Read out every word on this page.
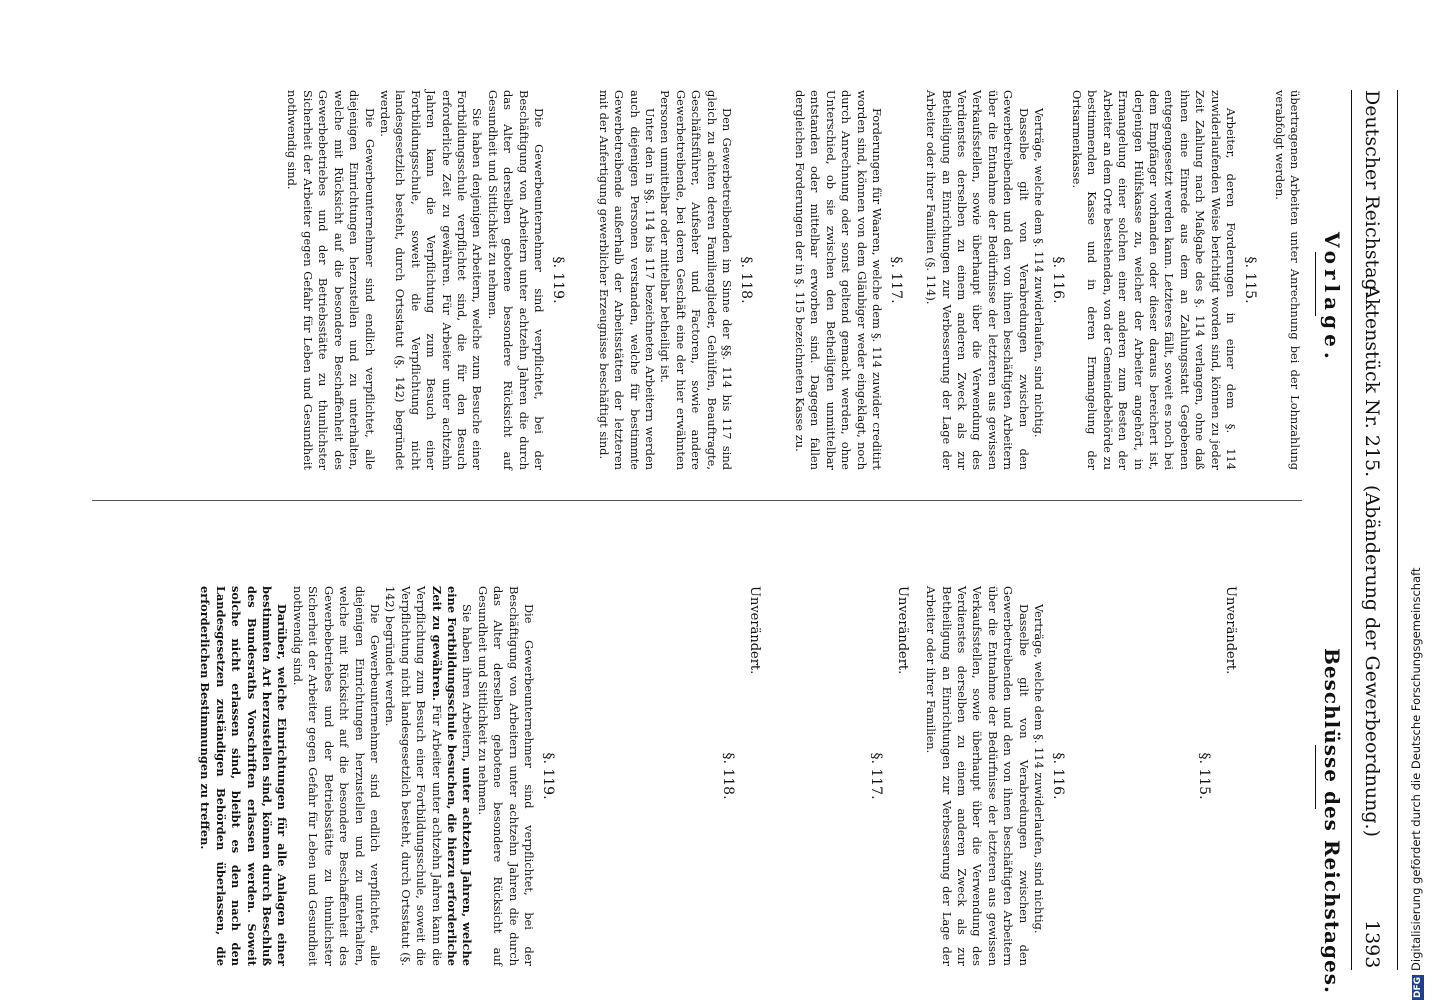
Deutscher Reichstag.
Aktenstück Nr. 215.
(Abänderung der Gewerbeordnung.)
1393
Vorlage.
Beschlüsse des Reichstages.

übertragenen Arbeiten unter Anrechnung bei der Lohnzahlung verabfolgt werden.

§. 115.

Arbeiter, deren Forderungen in einer dem §. 114 zuwiderlaufenden Weise berichtigt worden sind, können zu jeder Zeit Zahlung nach Maßgabe des §. 114 verlangen, ohne daß ihnen eine Einrede aus dem an Zahlungsstatt Gegebenen entgegengesetzt werden kann. Letzteres fällt, soweit es noch bei dem Empfänger vorhanden oder dieser daraus bereichert ist, derjenigen Hülfskasse zu, welcher der Arbeiter angehört, in Ermangelung einer solchen einer anderen zum Besten der Arbeiter an dem Orte bestehenden, von der Gemeindebehörde zu bestimmenden Kasse und in deren Ermangelung der Ortsarmenkasse.

§. 116.

Verträge, welche dem §. 114 zuwiderlaufen, sind nichtig.

Dasselbe gilt von Verabredungen zwischen den Gewerbetreibenden und den von ihnen beschäftigten Arbeitern über die Entnahme der Bedürfnisse der letzteren aus gewissen Verkaufsstellen, sowie überhaupt über die Verwendung des Verdienstes derselben zu einem anderen Zweck als zur Betheiligung an Einrichtungen zur Verbesserung der Lage der Arbeiter oder ihrer Familien (§. 114).

§. 117.

Forderungen für Waaren, welche dem §. 114 zuwider creditirt worden sind, können von dem Gläubiger weder eingeklagt, noch durch Anrechnung oder sonst geltend gemacht werden, ohne Unterschied, ob sie zwischen den Betheiligten unmittelbar entstanden oder mittelbar erworben sind. Dagegen fallen dergleichen Forderungen der in §. 115 bezeichneten Kasse zu.

§. 118.

Den Gewerbetreibenden im Sinne der §§. 114 bis 117 sind gleich zu achten deren Familienglieder, Gehülfen, Beauftragte, Geschäftsführer, Aufseher und Factoren, sowie andere Gewerbetreibende, bei deren Geschäft eine der hier erwähnten Personen unmittelbar oder mittelbar betheiligt ist.

Unter den in §§. 114 bis 117 bezeichneten Arbeitern werden auch diejenigen Personen verstanden, welche für bestimmte Gewerbetreibende außerhalb der Arbeitsstätten der letzteren mit der Anfertigung gewerblicher Erzeugnisse beschäftigt sind.

§. 119.

Die Gewerbeunternehmer sind verpflichtet, bei der Beschäftigung von Arbeitern unter achtzehn Jahren die durch das Alter derselben gebotene besondere Rücksicht auf Gesundheit und Sittlichkeit zu nehmen.

Sie haben denjenigen Arbeitern, welche zum Besuche einer Fortbildungsschule verpflichtet sind, die für den Besuch erforderliche Zeit zu gewähren. Für Arbeiter unter achtzehn Jahren kann die Verpflichtung zum Besuch einer Fortbildungsschule, soweit die Verpflichtung nicht landesgesetzlich besteht, durch Ortsstatut (§. 142) begründet werden.

Die Gewerbeunternehmer sind endlich verpflichtet, alle diejenigen Einrichtungen herzustellen und zu unterhalten, welche mit Rücksicht auf die besondere Beschaffenheit des Gewerbebetriebes und der Betriebsstätte zu thunlichster Sicherheit der Arbeiter gegen Gefahr für Leben und Gesundheit nothwendig sind.

Unverändert.

§. 115.

§. 116.

Verträge, welche dem §. 114 zuwiderlaufen, sind nichtig.

Dasselbe gilt von Verabredungen zwischen den Gewerbetreibenden und den von ihnen beschäftigten Arbeitern über die Entnahme der Bedürfnisse der letzteren aus gewissen Verkaufsstellen, sowie überhaupt über die Verwendung des Verdienstes derselben zu einem anderen Zweck als zur Betheiligung an Einrichtungen zur Verbesserung der Lage der Arbeiter oder ihrer Familien.

Unverändert.

§. 117.

Unverändert.

§. 118.

§. 119.

Die Gewerbeunternehmer sind verpflichtet, bei der Beschäftigung von Arbeitern unter achtzehn Jahren die durch das Alter derselben gebotene besondere Rücksicht auf Gesundheit und Sittlichkeit zu nehmen.

Sie haben ihren Arbeitern, unter achtzehn Jahren, welche eine Fortbildungsschule besuchen, die hierzu erforderliche Zeit zu gewähren. Für Arbeiter unter achtzehn Jahren kann die Verpflichtung zum Besuch einer Fortbildungsschule, soweit die Verpflichtung nicht landesgesetzlich besteht, durch Ortsstatut (§. 142) begründet werden.

Die Gewerbeunternehmer sind endlich verpflichtet, alle diejenigen Einrichtungen herzustellen und zu unterhalten, welche mit Rücksicht auf die besondere Beschaffenheit des Gewerbebetriebes und der Betriebsstätte zu thunlichster Sicherheit der Arbeiter gegen Gefahr für Leben und Gesundheit nothwendig sind.

Darüber, welche Einrichtungen für alle Anlagen einer bestimmten Art herzustellen sind, können durch Beschluß des Bundesraths Vorschriften erlassen werden. Soweit solche nicht erlassen sind, bleibt es den nach den Landesgesetzen zuständigen Behörden überlassen, die erforderlichen Bestimmungen zu treffen.

DFGDigitalisierung gefördert durch die Deutsche Forschungsgemeinschaft
